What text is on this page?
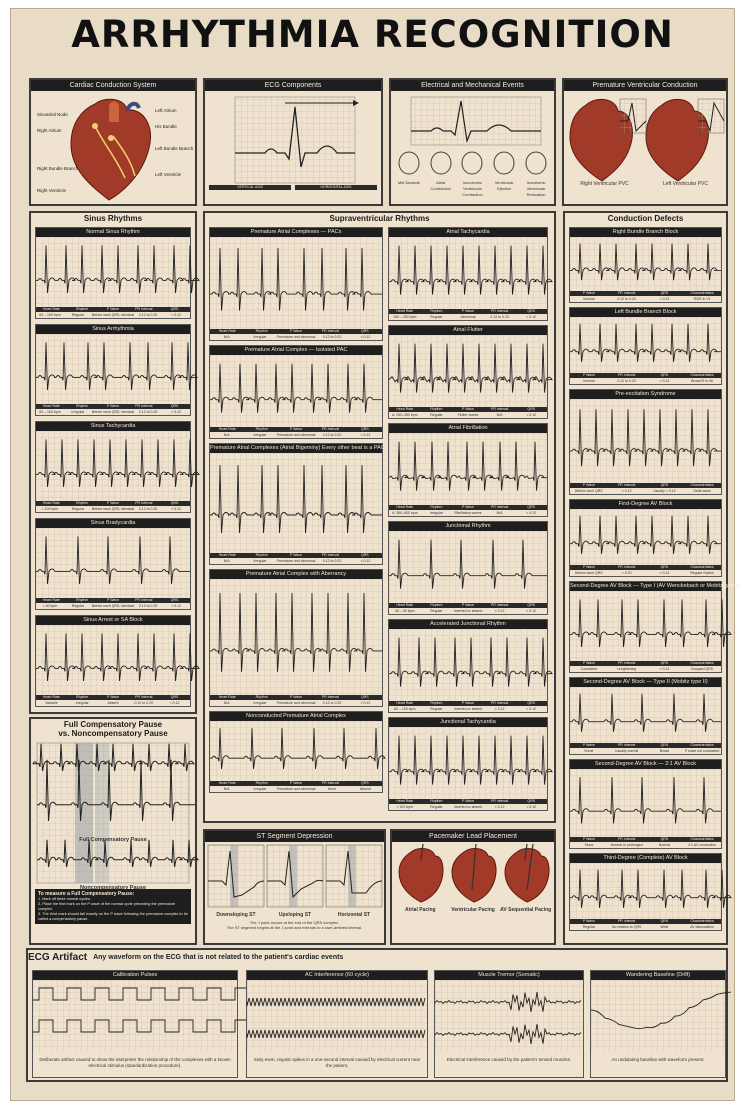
ARRHYTHMIA RECOGNITION
Cardiac Conduction System
Sinoatrial Node
Right Atrium
His Bundle
Left Bundle Branch
Right Bundle Branch
Left Ventricle
Right Ventricle
Left Atrium
ECG Components
VERTICAL AXIS	HORIZONTAL AXIS
Electrical and Mechanical Events
Mid Diastole	Atrial Contraction
Isovolumic Ventricular Contraction
Ventricular Ejection
Isovolumic Ventricular Relaxation
Premature Ventricular Conduction
Right Ventricular PVC	Left Ventricular PVC
Sinus Rhythms
Normal Sinus Rhythm
Heart Rate	Rhythm	P Wave	PR Interval	QRS
60 – 100 bpm	Regular	Before each QRS; identical	0.12 to 0.20	< 0.12
Sinus Arrhythmia
Heart Rate	Rhythm	P Wave	PR Interval	QRS
60 – 100 bpm	Irregular	Before each QRS; identical	0.12 to 0.20	< 0.12
Sinus Tachycardia
Heart Rate	Rhythm	P Wave	PR Interval	QRS
> 100 bpm	Regular	Before each QRS; identical	0.12 to 0.20	< 0.12
Sinus Bradycardia
Heart Rate	Rhythm	P Wave	PR Interval	QRS
< 60 bpm	Regular	Before each QRS; identical	0.12 to 0.20	< 0.12
Sinus Arrest or SA Block
Heart Rate	Rhythm	P Wave	PR Interval	QRS
Variable	Irregular	Absent	0.12 to 0.20	< 0.12
Full Compensatory Pause
vs. Noncompensatory Pause
Full Compensatory Pause
Noncompensatory Pause
To measure a Full Compensatory Pause:
1. Mark off three normal cycles.
2. Place the first mark on the P wave of the normal cycle preceding the premature complex.
3. The third mark should fall exactly on the P wave following the premature complex to be called a compensatory pause.
Supraventricular Rhythms
Premature Atrial Complexes — PACs
Heart Rate	Rhythm	P Wave	PR Interval	QRS
N/A	Irregular	Premature and abnormal	0.12 to 0.20	< 0.12
Premature Atrial Complex — Isolated PAC
Heart Rate	Rhythm	P Wave	PR Interval	QRS
N/A	Irregular	Premature and abnormal	0.12 to 0.20	< 0.12
Premature Atrial Complexes (Atrial Bigeminy) Every other beat is a PAC
Heart Rate	Rhythm	P Wave	PR Interval	QRS
N/A	Irregular	Premature and abnormal	0.12 to 0.20	< 0.12
Premature Atrial Complex with Aberrancy
Heart Rate	Rhythm	P Wave	PR Interval	QRS
N/A	Irregular	Premature and abnormal	0.12 to 0.20	> 0.12
Nonconducted Premature Atrial Complex
Heart Rate	Rhythm	P Wave	PR Interval	QRS
N/A	Irregular	Premature and abnormal	None	Absent
Atrial Tachycardia
Heart Rate	Rhythm	P Wave	PR Interval	QRS
150 – 250 bpm	Regular	Abnormal	0.12 to 0.20	< 0.12
Atrial Flutter
Heart Rate	Rhythm	P Wave	PR Interval	QRS
A: 250–350 bpm	Regular	Flutter waves	N/A	< 0.12
Atrial Fibrillation
Heart Rate	Rhythm	P Wave	PR Interval	QRS
A: 350–600 bpm	Irregular	Fibrillatory waves	N/A	< 0.12
Junctional Rhythm
Heart Rate	Rhythm	P Wave	PR Interval	QRS
40 – 60 bpm	Regular	Inverted or absent	< 0.12	< 0.12
Accelerated Junctional Rhythm
Heart Rate	Rhythm	P Wave	PR Interval	QRS
60 – 100 bpm	Regular	Inverted or absent	< 0.12	< 0.12
Junctional Tachycardia
Heart Rate	Rhythm	P Wave	PR Interval	QRS
> 100 bpm	Regular	Inverted or absent	< 0.12	< 0.12
ST Segment Depression
Downsloping ST	Upsloping ST	Horizontal ST
The J point occurs at the end of the QRS complex.
The ST segment begins at the J point and extends to a user-defined interval.
Pacemaker Lead Placement
Atrial Pacing	Ventricular Pacing	AV Sequential Pacing
Conduction Defects
Right Bundle Branch Block
P Wave	PR Interval	QRS	Characteristics
Normal	0.12 to 0.20	> 0.12	RSR' in V1
Left Bundle Branch Block
P Wave	PR Interval	QRS	Characteristics
Normal	0.12 to 0.20	> 0.12	Broad R in V6
Pre-excitation Syndrome
P Wave	PR Interval	QRS	Characteristics
Before each QRS	< 0.12	Usually > 0.12	Delta wave
First-Degree AV Block
P Wave	PR Interval	QRS	Characteristics
Before each QRS	> 0.20	< 0.12	Regular rhythm
Second-Degree AV Block — Type I (AV Wenckebach or Mobitz type I)
P Wave	PR Interval	QRS	Characteristics
Consistent	Lengthening	< 0.12	Dropped QRS
Second-Degree AV Block — Type II (Mobitz type II)
P Wave	PR Interval	QRS	Characteristics
Some	Usually normal	Broad	P wave not conducted
Second-Degree AV Block — 2:1 AV Block
P Wave	PR Interval	QRS	Characteristics
Sinus	Normal or prolonged	Normal	2:1 AV conduction
Third-Degree (Complete) AV Block
P Wave	PR Interval	QRS	Characteristics
Regular	No relation to QRS	Wide	AV dissociation
ECG Artifact Any waveform on the ECG that is not related to the patient's cardiac events
Calibration Pulses
Deliberate artifact caused to show the interpreter the relationship of the complexes with a known electrical stimulus (standardization procedure).
AC Interference (60 cycle)
Sixty even, regular spikes in a one-second interval caused by electrical current near the patient.
Muscle Tremor (Somatic)
Electrical interference caused by the patient's tensed muscles.
Wandering Baseline (Drift)
An undulating baseline with waveform present.
